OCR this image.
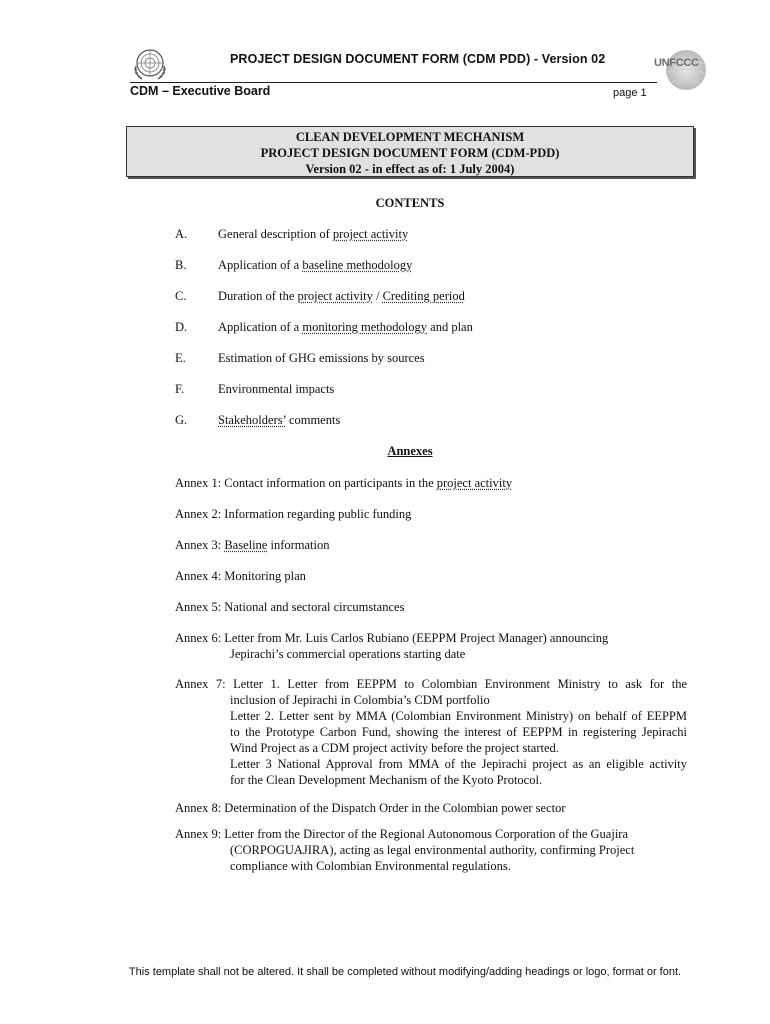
PROJECT DESIGN DOCUMENT FORM (CDM PDD) - Version 02	UNFCCC
CDM – Executive Board	page 1
CLEAN DEVELOPMENT MECHANISM
PROJECT DESIGN DOCUMENT FORM (CDM-PDD)
Version 02 - in effect as of: 1 July 2004)
CONTENTS
A. General description of project activity
B.	Application of a baseline methodology
C.	Duration of the project activity / Crediting period
D. Application of a monitoring methodology and plan
E.	Estimation of GHG emissions by sources
F.	Environmental impacts
G. Stakeholders’ comments
Annexes
Annex 1: Contact information on participants in the project activity
Annex 2: Information regarding public funding
Annex 3: Baseline information
Annex 4: Monitoring plan
Annex 5: National and sectoral circumstances
Annex 6: Letter from Mr. Luis Carlos Rubiano (EEPPM Project Manager) announcing
Jepirachi’s commercial operations starting date
Annex 7: Letter 1. Letter from EEPPM to Colombian Environment Ministry to ask for the
inclusion of Jepirachi in Colombia’s CDM portfolio
Letter 2. Letter sent by MMA (Colombian Environment Ministry) on behalf of EEPPM
to the Prototype Carbon Fund, showing the interest of EEPPM in registering Jepirachi
Wind Project as a CDM project activity before the project started.
Letter 3 National Approval from MMA of the Jepirachi project as an eligible activity
for the Clean Development Mechanism of the Kyoto Protocol.
Annex 8: Determination of the Dispatch Order in the Colombian power sector
Annex 9: Letter from the Director of the Regional Autonomous Corporation of the Guajira
(CORPOGUAJIRA), acting as legal environmental authority, confirming Project
compliance with Colombian Environmental regulations.
This template shall not be altered. It shall be completed without modifying/adding headings or logo, format or font.
